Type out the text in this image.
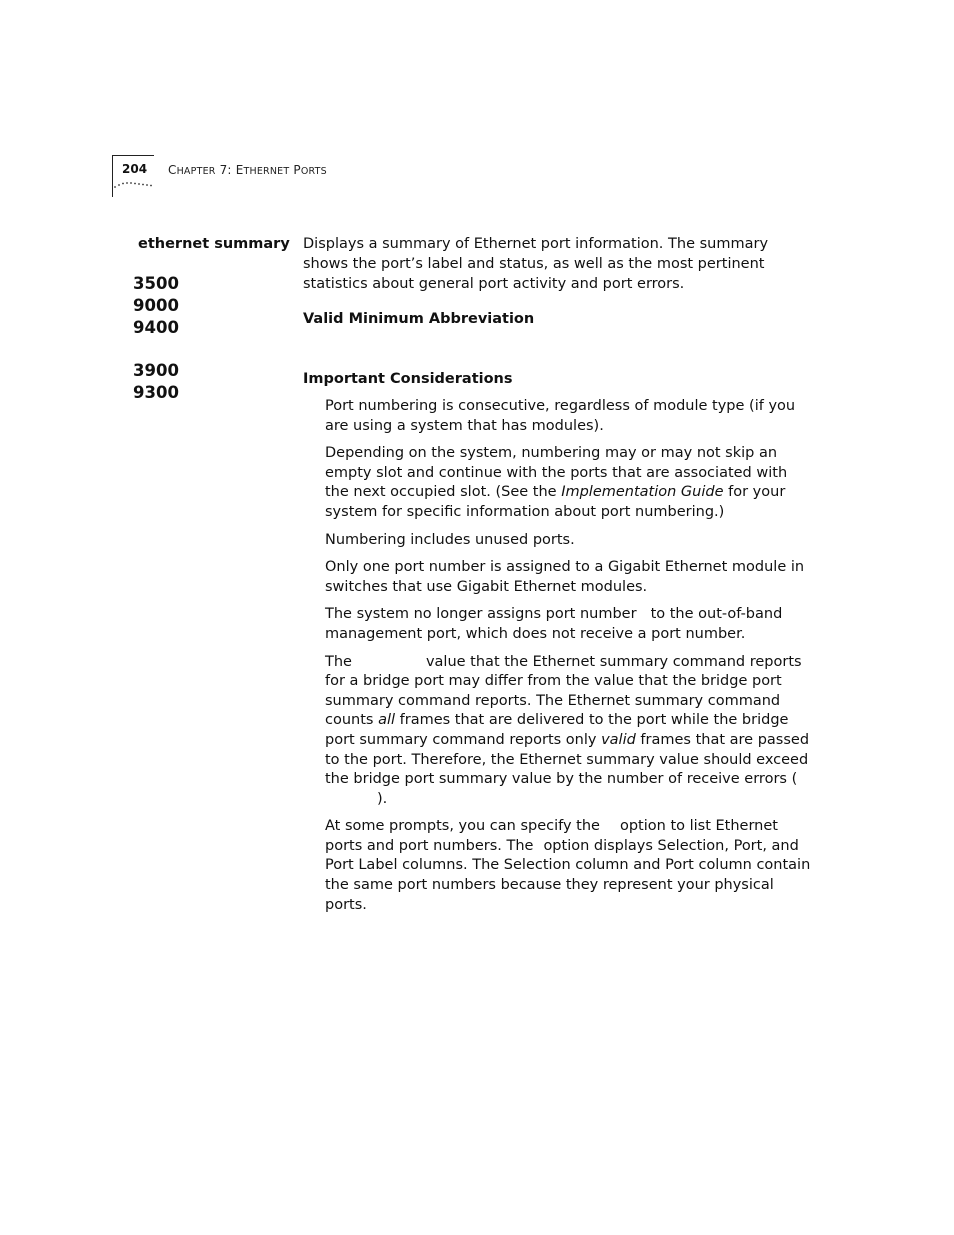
204 CHAPTER 7: ETHERNET PORTS
ethernet summary
3500
9000
9400
3900
9300
Displays a summary of Ethernet port information. The summary shows the port’s label and status, as well as the most pertinent statistics about general port activity and port errors.
Valid Minimum Abbreviation
Important Considerations

Port numbering is consecutive, regardless of module type (if you are using a system that has modules).

Depending on the system, numbering may or may not skip an empty slot and continue with the ports that are associated with the next occupied slot. (See the Implementation Guide for your system for specific information about port numbering.)

Numbering includes unused ports.

Only one port number is assigned to a Gigabit Ethernet module in switches that use Gigabit Ethernet modules.

The system no longer assigns port number to the out-of-band management port, which does not receive a port number.

The	value that the Ethernet summary command reports for a bridge port may differ from the value that the bridge port summary command reports. The Ethernet summary command counts all frames that are delivered to the port while the bridge port summary command reports only valid frames that are passed to the port. Therefore, the Ethernet summary value should exceed the bridge port summary value by the number of receive errors ().

At some prompts, you can specify the option to list Ethernet ports and port numbers. The option displays Selection, Port, and Port Label columns. The Selection column and Port column contain the same port numbers because they represent your physical ports.
